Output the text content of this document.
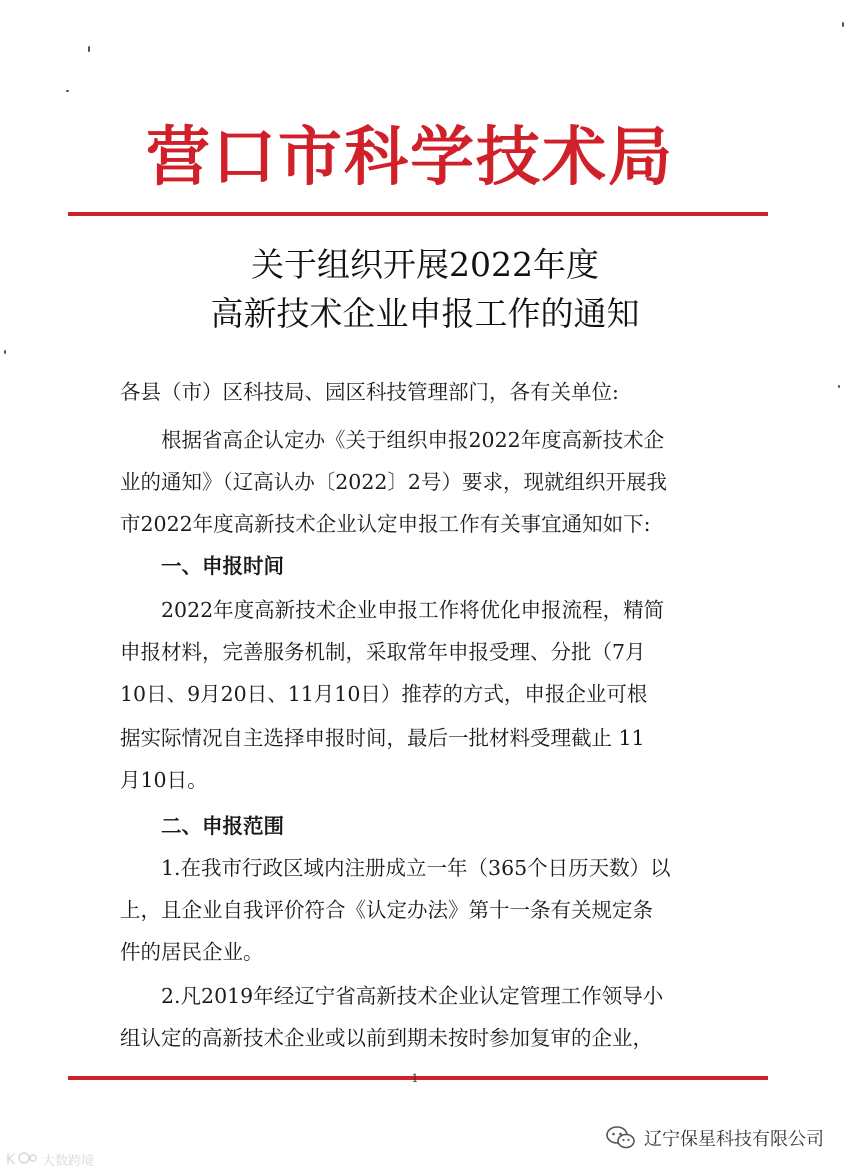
营口市科学技术局
关于组织开展2022年度
高新技术企业申报工作的通知
各县（市）区科技局、园区科技管理部门，各有关单位:
　　根据省高企认定办《关于组织申报2022年度高新技术企
业的通知》（辽高认办〔2022〕2号）要求，现就组织开展我
市2022年度高新技术企业认定申报工作有关事宜通知如下:
　　一、申报时间
　　2022年度高新技术企业申报工作将优化申报流程，精简
申报材料，完善服务机制，采取常年申报受理、分批（7月
10日、9月20日、11月10日）推荐的方式，申报企业可根
据实际情况自主选择申报时间，最后一批材料受理截止 11
月10日。
　　二、申报范围
　　1.在我市行政区域内注册成立一年（365个日历天数）以
上，且企业自我评价符合《认定办法》第十一条有关规定条
件的居民企业。
　　2.凡2019年经辽宁省高新技术企业认定管理工作领导小
组认定的高新技术企业或以前到期未按时参加复审的企业，
1
K 大数跨境
辽宁保星科技有限公司
